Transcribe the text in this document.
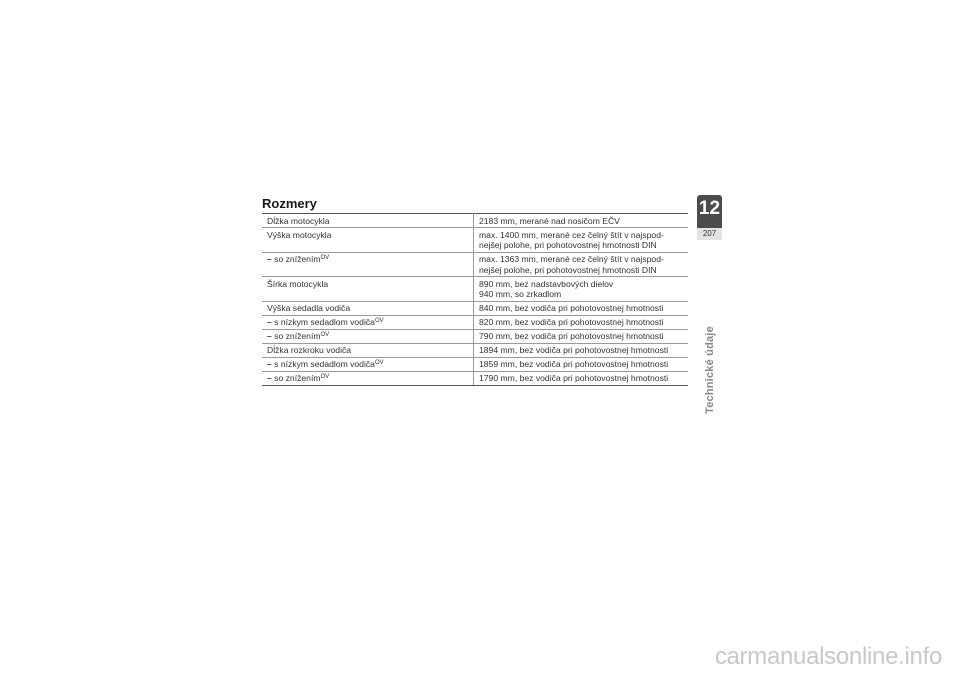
Rozmery
Dĺžka motocykla	2183 mm, merané nad nosičom EČV
Výška motocykla	max. 1400 mm, merané cez čelný štít v najspod-
nejšej polohe, pri pohotovostnej hmotnosti DIN
– so znížením$^{OV}$	max. 1363 mm, merané cez čelný štít v najspod-
nejšej polohe, pri pohotovostnej hmotnosti DIN
Šírka motocykla	890 mm, bez nadstavbových dielov
940 mm, so zrkadlom
Výška sedadla vodiča	840 mm, bez vodiča pri pohotovostnej hmotnosti
– s nízkym sedadlom vodiča$^{OV}$	820 mm, bez vodiča pri pohotovostnej hmotnosti
– so znížením$^{OV}$	790 mm, bez vodiča pri pohotovostnej hmotnosti
Dĺžka rozkroku vodiča	1894 mm, bez vodiča pri pohotovostnej hmotnosti
– s nízkym sedadlom vodiča$^{OV}$	1859 mm, bez vodiča pri pohotovostnej hmotnosti
– so znížením$^{OV}$	1790 mm, bez vodiča pri pohotovostnej hmotnosti
12
207
Technické údaje
carmanualsonline.info
